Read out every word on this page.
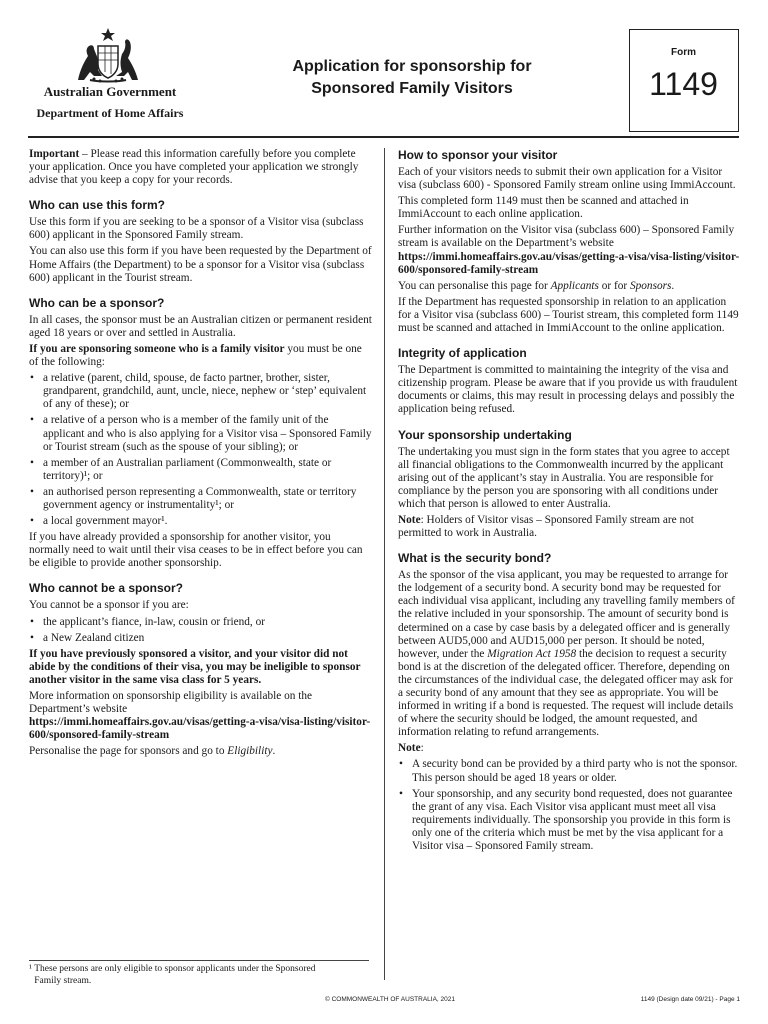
Australian Government
Department of Home Affairs
Application for sponsorship for
Sponsored Family Visitors
Form
1149

Important – Please read this information carefully before you complete your application. Once you have completed your application we strongly advise that you keep a copy for your records.

Who can use this form?

Use this form if you are seeking to be a sponsor of a Visitor visa (subclass 600) applicant in the Sponsored Family stream.

You can also use this form if you have been requested by the Department of Home Affairs (the Department) to be a sponsor for a Visitor visa (subclass 600) applicant in the Tourist stream.

Who can be a sponsor?

In all cases, the sponsor must be an Australian citizen or permanent resident aged 18 years or over and settled in Australia.

If you are sponsoring someone who is a family visitor you must be one of the following:

• a relative (parent, child, spouse, de facto partner, brother, sister, grandparent, grandchild, aunt, uncle, niece, nephew or ‘step’ equivalent of any of these); or
• a relative of a person who is a member of the family unit of the applicant and who is also applying for a Visitor visa – Sponsored Family or Tourist stream (such as the spouse of your sibling); or
• a member of an Australian parliament (Commonwealth, state or territory)¹; or
• an authorised person representing a Commonwealth, state or territory government agency or instrumentality¹; or
• a local government mayor¹.

If you have already provided a sponsorship for another visitor, you normally need to wait until their visa ceases to be in effect before you can be eligible to provide another sponsorship.

Who cannot be a sponsor?

You cannot be a sponsor if you are:

• the applicant’s fiance, in-law, cousin or friend, or
• a New Zealand citizen

If you have previously sponsored a visitor, and your visitor did not abide by the conditions of their visa, you may be ineligible to sponsor another visitor in the same visa class for 5 years.

More information on sponsorship eligibility is available on the Department’s website
https://immi.homeaffairs.gov.au/visas/getting-a-visa/visa-listing/visitor-600/sponsored-family-stream

Personalise the page for sponsors and go to Eligibility.

How to sponsor your visitor

Each of your visitors needs to submit their own application for a Visitor visa (subclass 600) - Sponsored Family stream online using ImmiAccount.

This completed form 1149 must then be scanned and attached in ImmiAccount to each online application.

Further information on the Visitor visa (subclass 600) – Sponsored Family stream is available on the Department’s website https://immi.homeaffairs.gov.au/visas/getting-a-visa/visa-listing/visitor-600/sponsored-family-stream

You can personalise this page for Applicants or for Sponsors.

If the Department has requested sponsorship in relation to an application for a Visitor visa (subclass 600) – Tourist stream, this completed form 1149 must be scanned and attached in ImmiAccount to the online application.

Integrity of application

The Department is committed to maintaining the integrity of the visa and citizenship program. Please be aware that if you provide us with fraudulent documents or claims, this may result in processing delays and possibly the application being refused.

Your sponsorship undertaking

The undertaking you must sign in the form states that you agree to accept all financial obligations to the Commonwealth incurred by the applicant arising out of the applicant’s stay in Australia. You are responsible for compliance by the person you are sponsoring with all conditions under which that person is allowed to enter Australia.

Note: Holders of Visitor visas – Sponsored Family stream are not permitted to work in Australia.

What is the security bond?

As the sponsor of the visa applicant, you may be requested to arrange for the lodgement of a security bond. A security bond may be requested for each individual visa applicant, including any travelling family members of the relative included in your sponsorship. The amount of security bond is determined on a case by case basis by a delegated officer and is generally between AUD5,000 and AUD15,000 per person. It should be noted, however, under the Migration Act 1958 the decision to request a security bond is at the discretion of the delegated officer. Therefore, depending on the circumstances of the individual case, the delegated officer may ask for a security bond of any amount that they see as appropriate. You will be informed in writing if a bond is requested. The request will include details of where the security should be lodged, the amount requested, and information relating to refund arrangements.

Note:

• A security bond can be provided by a third party who is not the sponsor. This person should be aged 18 years or older.
• Your sponsorship, and any security bond requested, does not guarantee the grant of any visa. Each Visitor visa applicant must meet all visa requirements individually. The sponsorship you provide in this form is only one of the criteria which must be met by the visa applicant for a Visitor visa – Sponsored Family stream.
¹ These persons are only eligible to sponsor applicants under the Sponsored Family stream.
© COMMONWEALTH OF AUSTRALIA, 2021	1149 (Design date 09/21) - Page 1
